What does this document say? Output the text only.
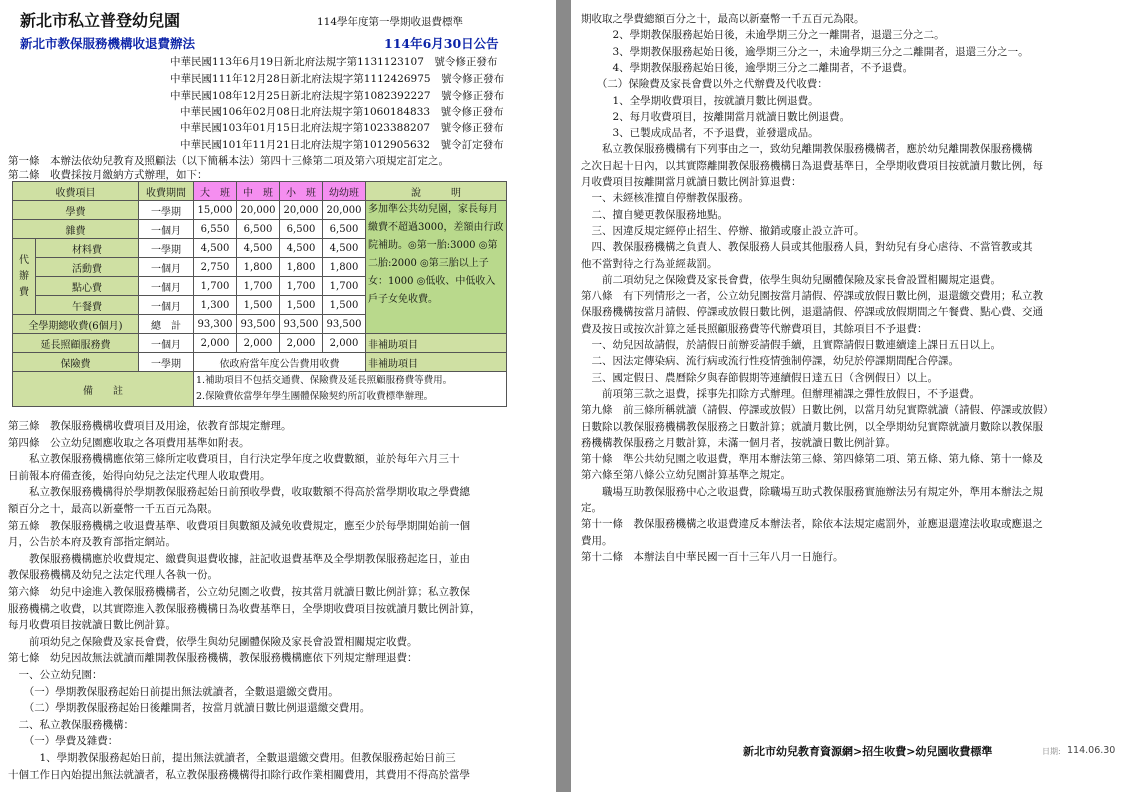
新北市私立普登幼兒園	114學年度第一學期收退費標準
新北市教保服務機構收退費辦法	114年6月30日公告
中華民國113年6月19日新北府法規字第1131123107　號令修正發布
中華民國111年12月28日新北府法規字第1112426975　號令修正發布
中華民國108年12月25日新北府法規字第1082392227　號令修正發布
中華民國106年02月08日北府法規字第1060184833　號令修正發布
中華民國103年01月15日北府法規字第1023388207　號令修正發布
中華民國101年11月21日北府法規字第1012905632　號令訂定發布
第一條　本辦法依幼兒教育及照顧法（以下簡稱本法）第四十三條第二項及第六項規定訂定之。
第二條　收費採按月繳納方式辦理，如下：
收費項目		收費期間	大　班	中　班	小　班	幼幼班	說　　　明
學費		一學期	15,000	20,000	20,000	20,000	多加準公共幼兒園，家長每月繳費不超過3000，差額由行政院補助。◎第一胎:3000 ◎第二胎:2000 ◎第三胎以上子女：1000 ◎低收、中低收入戶子女免收費。
雜費		一個月	6,550	6,500	6,500	6,500	
代辦費	材料費	一學期	4,500	4,500	4,500	4,500	
	活動費	一個月	2,750	1,800	1,800	1,800	
	點心費	一個月	1,700	1,700	1,700	1,700	
	午餐費	一個月	1,300	1,500	1,500	1,500	
全學期總收費(6個月)		總　計	93,300	93,500	93,500	93,500	
延長照顧服務費		一個月	2,000	2,000	2,000	2,000	非補助項目
保險費		一學期	依政府當年度公告費用收費				非補助項目
備　　註			1.補助項目不包括交通費、保險費及延長照顧服務費等費用。
2.保險費依當學年學生團體保險契約所訂收費標準辦理。				
第三條　教保服務機構收費項目及用途，依教育部規定辦理。
第四條　公立幼兒園應收取之各項費用基準如附表。
　　私立教保服務機構應依第三條所定收費項目，自行決定學年度之收費數額，並於每年六月三十
日前報本府備查後，始得向幼兒之法定代理人收取費用。
　　私立教保服務機構得於學期教保服務起始日前預收學費，收取數額不得高於當學期收取之學費總
額百分之十，最高以新臺幣一千五百元為限。
第五條　教保服務機構之收退費基準、收費項目與數額及減免收費規定，應至少於每學期開始前一個
月，公告於本府及教育部指定網站。
　　教保服務機構應於收費規定、繳費與退費收據，註記收退費基準及全學期教保服務起迄日，並由
教保服務機構及幼兒之法定代理人各執一份。
第六條　幼兒中途進入教保服務機構者，公立幼兒園之收費，按其當月就讀日數比例計算；私立教保
服務機構之收費，以其實際進入教保服務機構日為收費基準日，全學期收費項目按就讀月數比例計算，
每月收費項目按就讀日數比例計算。
　　前項幼兒之保險費及家長會費，依學生與幼兒團體保險及家長會設置相關規定收費。
第七條　幼兒因故無法就讀而離開教保服務機構，教保服務機構應依下列規定辦理退費：
　一、公立幼兒園：
　　（一）學期教保服務起始日前提出無法就讀者，全數退還繳交費用。
　　（二）學期教保服務起始日後離開者，按當月就讀日數比例退還繳交費用。
　二、私立教保服務機構：
　　（一）學費及雜費：
　　　1、學期教保服務起始日前，提出無法就讀者，全數退還繳交費用。但教保服務起始日前三
十個工作日內始提出無法就讀者，私立教保服務機構得扣除行政作業相關費用，其費用不得高於當學
期收取之學費總額百分之十，最高以新臺幣一千五百元為限。
　　　2、學期教保服務起始日後，未逾學期三分之一離開者，退還三分之二。
　　　3、學期教保服務起始日後，逾學期三分之一，未逾學期三分之二離開者，退還三分之一。
　　　4、學期教保服務起始日後，逾學期三分之二離開者，不予退費。
　　（二）保險費及家長會費以外之代辦費及代收費：
　　　1、全學期收費項目，按就讀月數比例退費。
　　　2、每月收費項目，按離開當月就讀日數比例退費。
　　　3、已製成成品者，不予退費，並發還成品。
　　私立教保服務機構有下列事由之一，致幼兒離開教保服務機構者，應於幼兒離開教保服務機構
之次日起十日內，以其實際離開教保服務機構日為退費基準日，全學期收費項目按就讀月數比例，每
月收費項目按離開當月就讀日數比例計算退費：
　一、未經核准擅自停辦教保服務。
　二、擅自變更教保服務地點。
　三、因違反規定經停止招生、停辦、撤銷或廢止設立許可。
　四、教保服務機構之負責人、教保服務人員或其他服務人員，對幼兒有身心虐待、不當管教或其
他不當對待之行為並經裁罰。
　　前二項幼兒之保險費及家長會費，依學生與幼兒團體保險及家長會設置相關規定退費。
第八條　有下列情形之一者，公立幼兒園按當月請假、停課或放假日數比例，退還繳交費用；私立教
保服務機構按當月請假、停課或放假日數比例，退還請假、停課或放假期間之午餐費、點心費、交通
費及按日或按次計算之延長照顧服務費等代辦費項目，其餘項目不予退費：
　一、幼兒因故請假，於請假日前辦妥請假手續，且實際請假日數連續達上課日五日以上。
　二、因法定傳染病、流行病或流行性疫情強制停課，幼兒於停課期間配合停課。
　三、國定假日、農曆除夕與春節假期等連續假日達五日（含例假日）以上。
　　前項第三款之退費，採事先扣除方式辦理。但辦理補課之彈性放假日，不予退費。
第九條　前三條所稱就讀（請假、停課或放假）日數比例，以當月幼兒實際就讀（請假、停課或放假）
日數除以教保服務機構教保服務之日數計算；就讀月數比例，以全學期幼兒實際就讀月數除以教保服
務機構教保服務之月數計算，未滿一個月者，按就讀日數比例計算。
第十條　準公共幼兒園之收退費，準用本辦法第三條、第四條第二項、第五條、第九條、第十一條及
第六條至第八條公立幼兒園計算基準之規定。
　　職場互助教保服務中心之收退費，除職場互助式教保服務實施辦法另有規定外，準用本辦法之規
定。
第十一條　教保服務機構之收退費違反本辦法者，除依本法規定處罰外，並應退還違法收取或應退之
費用。
第十二條　本辦法自中華民國一百十三年八月一日施行。
新北市幼兒教育資源網>招生收費>幼兒園收費標準	日期: 114.06.30
